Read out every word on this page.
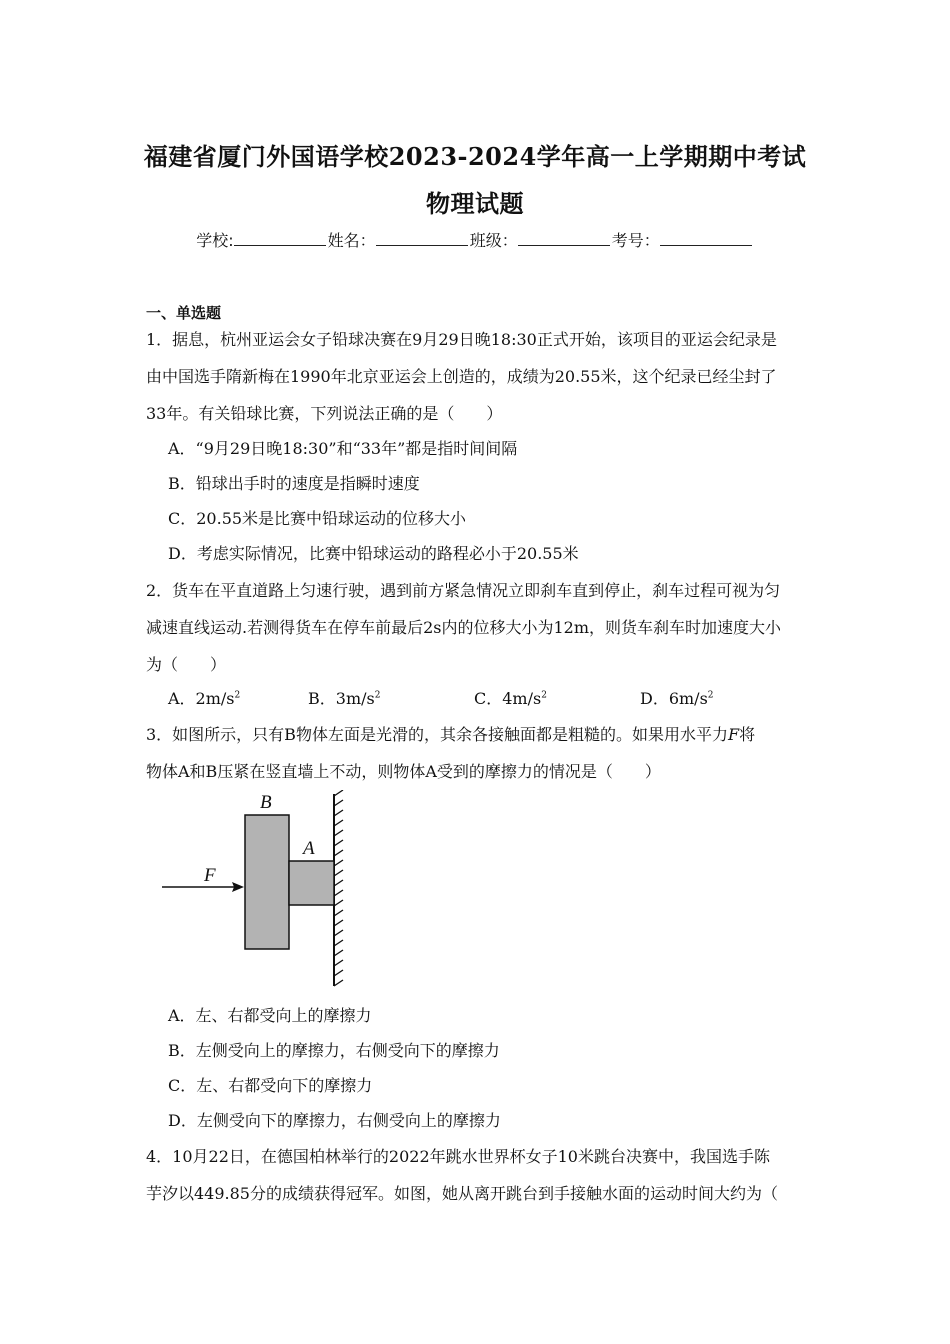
福建省厦门外国语学校2023-2024学年高一上学期期中考试
物理试题
学校:	姓名：	班级：	考号：
一、单选题
1．据息，杭州亚运会女子铅球决赛在9月29日晚18:30正式开始，该项目的亚运会纪录是
由中国选手隋新梅在1990年北京亚运会上创造的，成绩为20.55米，这个纪录已经尘封了
33年。有关铅球比赛，下列说法正确的是（　　）
A．“9月29日晚18:30”和“33年”都是指时间间隔
B．铅球出手时的速度是指瞬时速度
C．20.55米是比赛中铅球运动的位移大小
D．考虑实际情况，比赛中铅球运动的路程必小于20.55米
2．货车在平直道路上匀速行驶，遇到前方紧急情况立即刹车直到停止，刹车过程可视为匀
减速直线运动.若测得货车在停车前最后2s内的位移大小为12m，则货车刹车时加速度大小
为（　　）
A．$2m/s^2$	B．$3m/s^2$	C．$4m/s^2$	D．$6m/s^2$
3．如图所示，只有B物体左面是光滑的，其余各接触面都是粗糙的。如果用水平力F将
物体A和B压紧在竖直墙上不动，则物体A受到的摩擦力的情况是（　　）
B
A
F
A．左、右都受向上的摩擦力
B．左侧受向上的摩擦力，右侧受向下的摩擦力
C．左、右都受向下的摩擦力
D．左侧受向下的摩擦力，右侧受向上的摩擦力
4．10月22日，在德国柏林举行的2022年跳水世界杯女子10米跳台决赛中，我国选手陈
芋汐以449.85分的成绩获得冠军。如图，她从离开跳台到手接触水面的运动时间大约为（
